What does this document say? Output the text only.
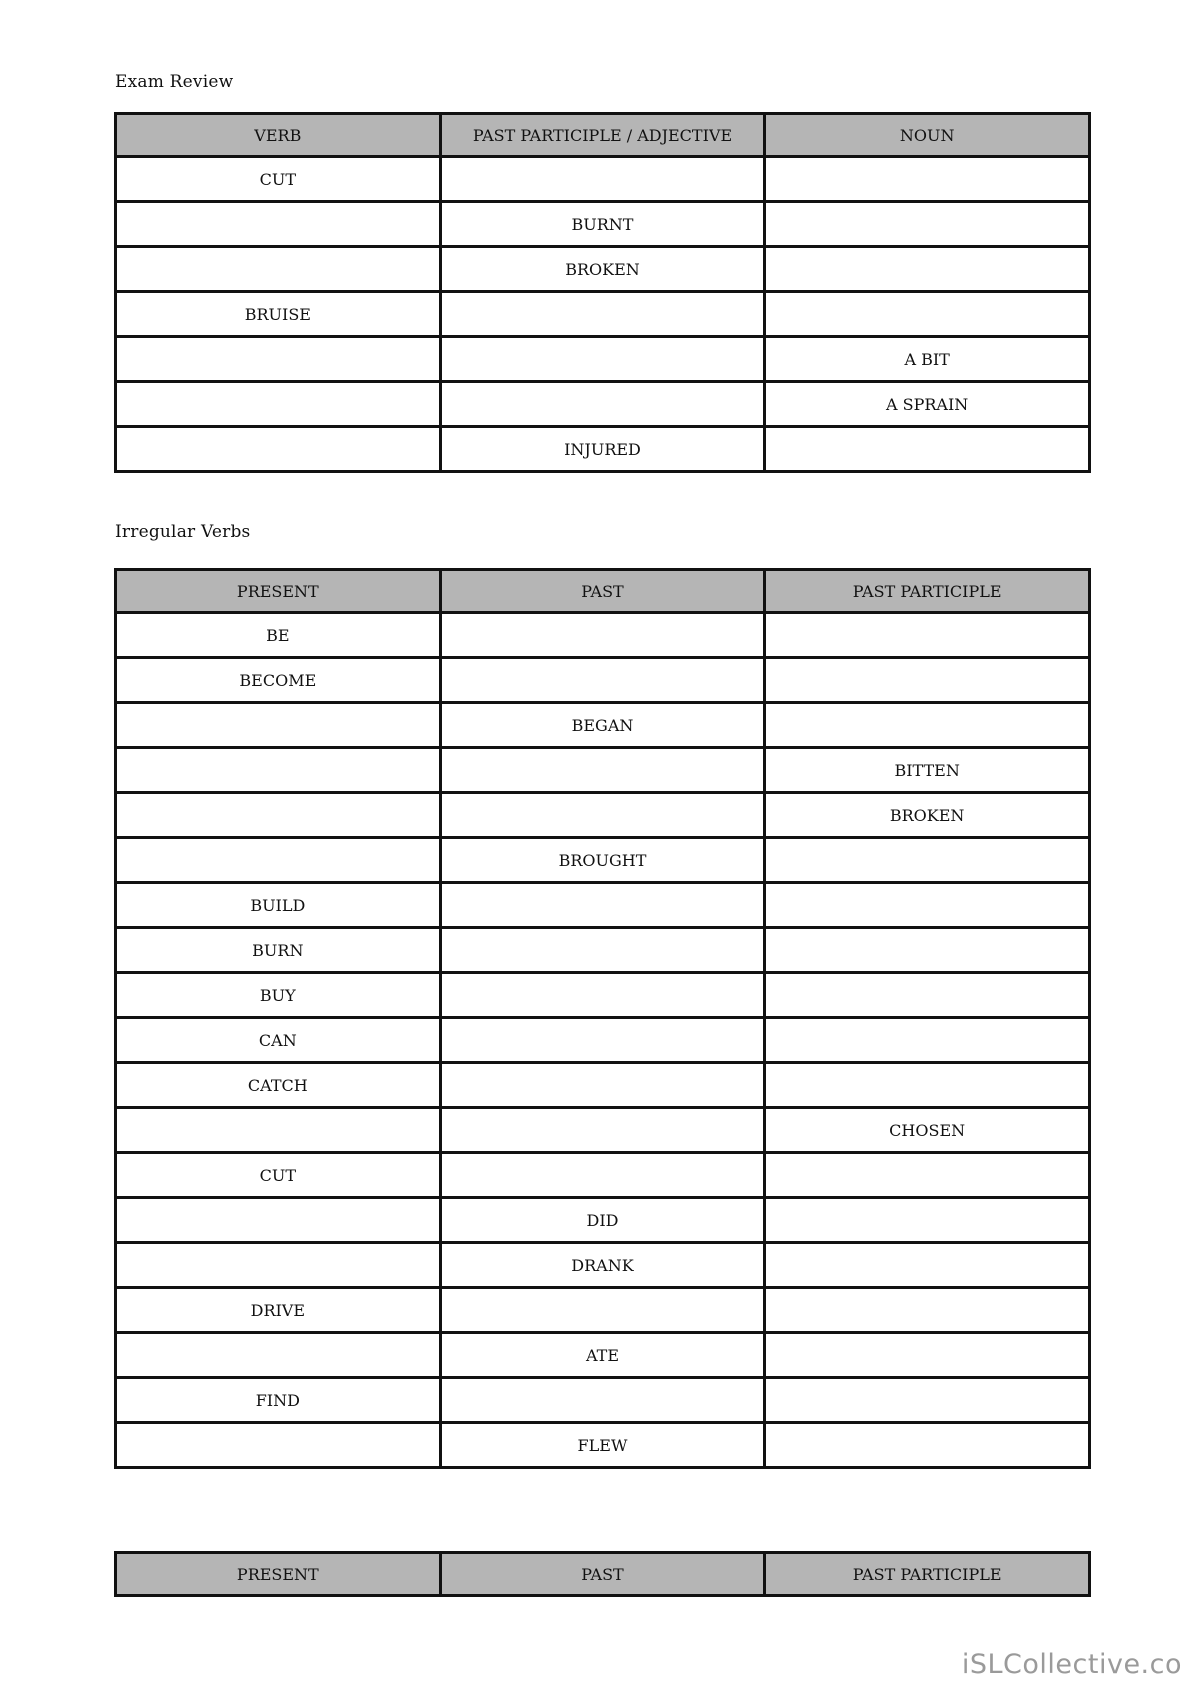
Exam Review
VERB	PAST PARTICIPLE / ADJECTIVE	NOUN
CUT		
	BURNT	
	BROKEN	
BRUISE		
		A BIT
		A SPRAIN
	INJURED	
Irregular Verbs
PRESENT	PAST	PAST PARTICIPLE
BE		
BECOME		
	BEGAN	
		BITTEN
		BROKEN
	BROUGHT	
BUILD		
BURN		
BUY		
CAN		
CATCH		
		CHOSEN
CUT		
	DID	
	DRANK	
DRIVE		
	ATE	
FIND		
	FLEW	
PRESENT	PAST	PAST PARTICIPLE
iSLCollective.co
